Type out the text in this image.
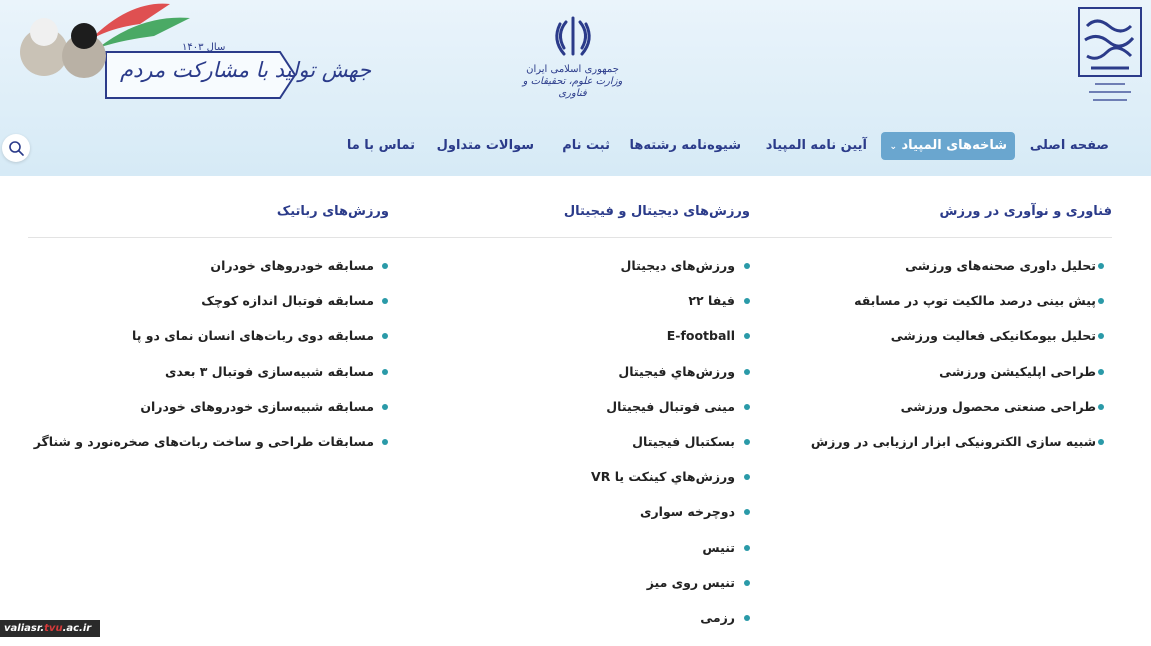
جمهوری اسلامی ایران
وزارت علوم، تحقیقات و فناوری
سال ۱۴۰۳
جهش تولید با مشارکت مردم
صفحه اصلی
شاخه‌های المپیاد ⌄
آیین نامه المپیاد
شیوه‌نامه رشته‌ها
ثبت نام
سوالات متداول
تماس با ما
فناوری و نوآوری در ورزش
ورزش‌های دیجیتال و فیجیتال
ورزش‌های رباتیک
تحلیل داوری صحنه‌های ورزشی
پیش بینی درصد مالکیت توپ در مسابقه
تحلیل بیومکانیکی فعالیت ورزشی
طراحی اپلیکیشن ورزشی
طراحی صنعتی محصول ورزشی
شبیه سازی الکترونیکی ابزار ارزیابی در ورزش
ورزش‌های دیجیتال
فیفا ۲۲
E-football
ورزش‌هاي فيجيتال
مینی فوتبال فیجیتال
بسکتبال فیجیتال
ورزش‌هاي کینکت یا VR
دوچرخه سواری
تنیس
تنیس روی میز
رزمی
مسابقه خودروهای خودران
مسابقه فوتبال اندازه کوچک
مسابقه دوی ربات‌های انسان نمای دو پا
مسابقه شبیه‌سازی فوتبال ۳ بعدی
مسابقه شبیه‌سازی خودروهای خودران
مسابقات طراحی و ساخت ربات‌های صخره‌نورد و شناگر
valiasr.tvu.ac.ir
